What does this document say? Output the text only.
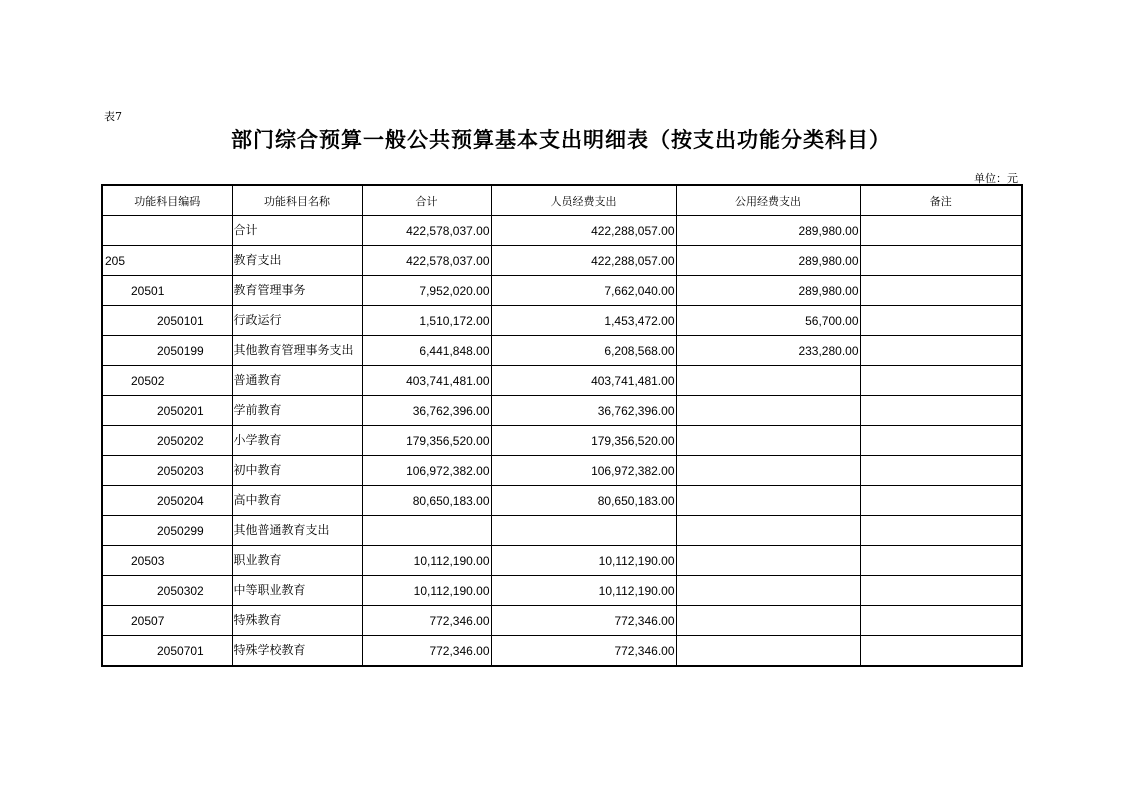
表7
部门综合预算一般公共预算基本支出明细表（按支出功能分类科目）
单位：元
功能科目编码	功能科目名称	合计	人员经费支出	公用经费支出	备注
	合计	422,578,037.00	422,288,057.00	289,980.00	
205	教育支出	422,578,037.00	422,288,057.00	289,980.00	
20501	教育管理事务	7,952,020.00	7,662,040.00	289,980.00	
2050101	行政运行	1,510,172.00	1,453,472.00	56,700.00	
2050199	其他教育管理事务支出	6,441,848.00	6,208,568.00	233,280.00	
20502	普通教育	403,741,481.00	403,741,481.00		
2050201	学前教育	36,762,396.00	36,762,396.00		
2050202	小学教育	179,356,520.00	179,356,520.00		
2050203	初中教育	106,972,382.00	106,972,382.00		
2050204	高中教育	80,650,183.00	80,650,183.00		
2050299	其他普通教育支出				
20503	职业教育	10,112,190.00	10,112,190.00		
2050302	中等职业教育	10,112,190.00	10,112,190.00		
20507	特殊教育	772,346.00	772,346.00		
2050701	特殊学校教育	772,346.00	772,346.00		
